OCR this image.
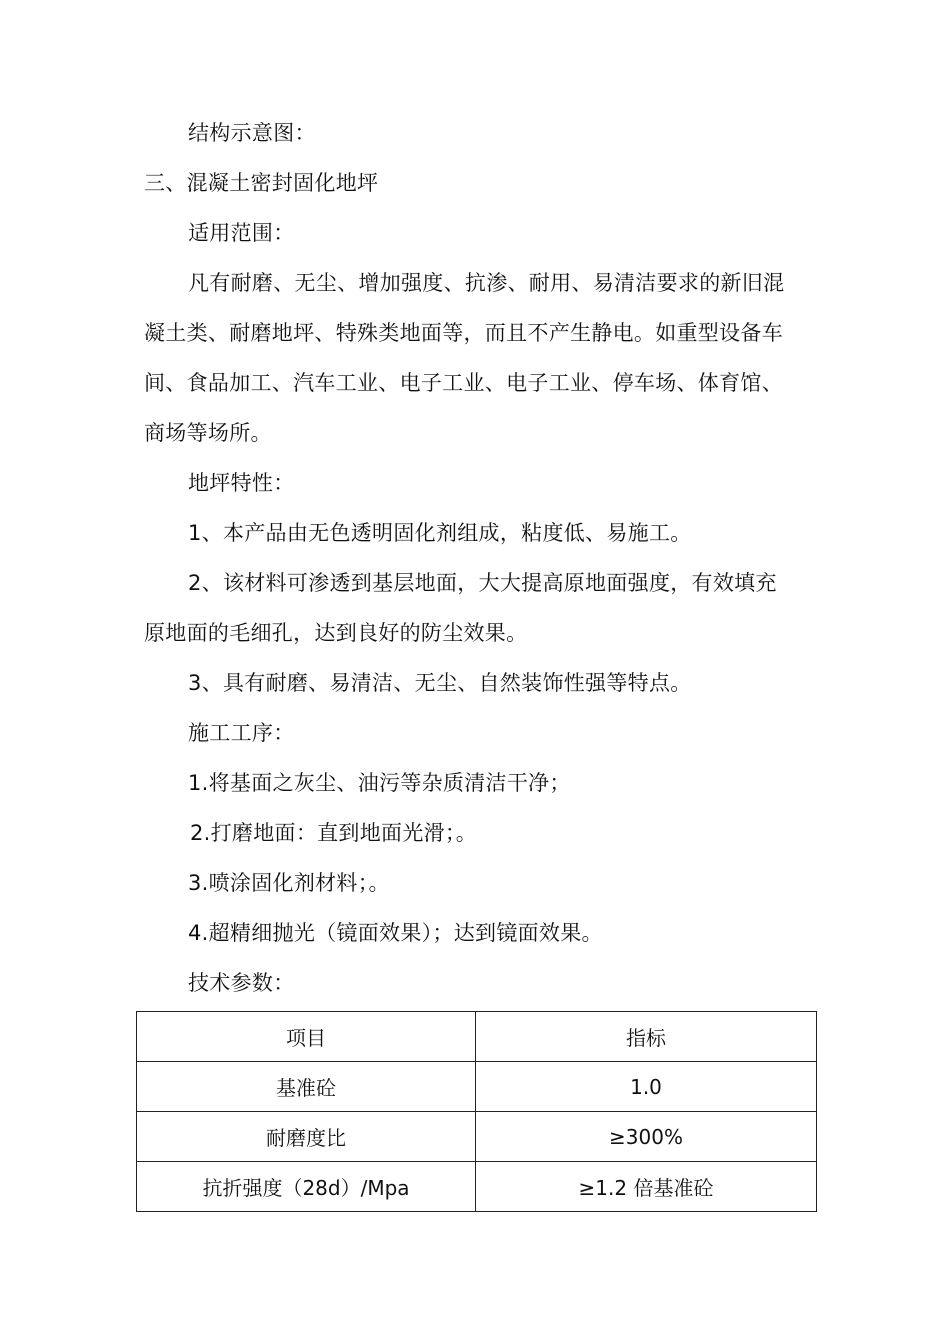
结构示意图：
三、混凝土密封固化地坪
适用范围：
凡有耐磨、无尘、增加强度、抗渗、耐用、易清洁要求的新旧混
凝土类、耐磨地坪、特殊类地面等，而且不产生静电。如重型设备车
间、食品加工、汽车工业、电子工业、电子工业、停车场、体育馆、
商场等场所。
地坪特性：
1、本产品由无色透明固化剂组成，粘度低、易施工。
2、该材料可渗透到基层地面，大大提高原地面强度，有效填充
原地面的毛细孔，达到良好的防尘效果。
3、具有耐磨、易清洁、无尘、自然装饰性强等特点。
施工工序：
1.将基面之灰尘、油污等杂质清洁干净；
2.打磨地面：直到地面光滑；。
3.喷涂固化剂材料；。
4.超精细抛光（镜面效果）；达到镜面效果。
技术参数：
项目	指标
基准砼	1.0
耐磨度比	≥300%
抗折强度（28d）/Mpa	≥1.2 倍基准砼
